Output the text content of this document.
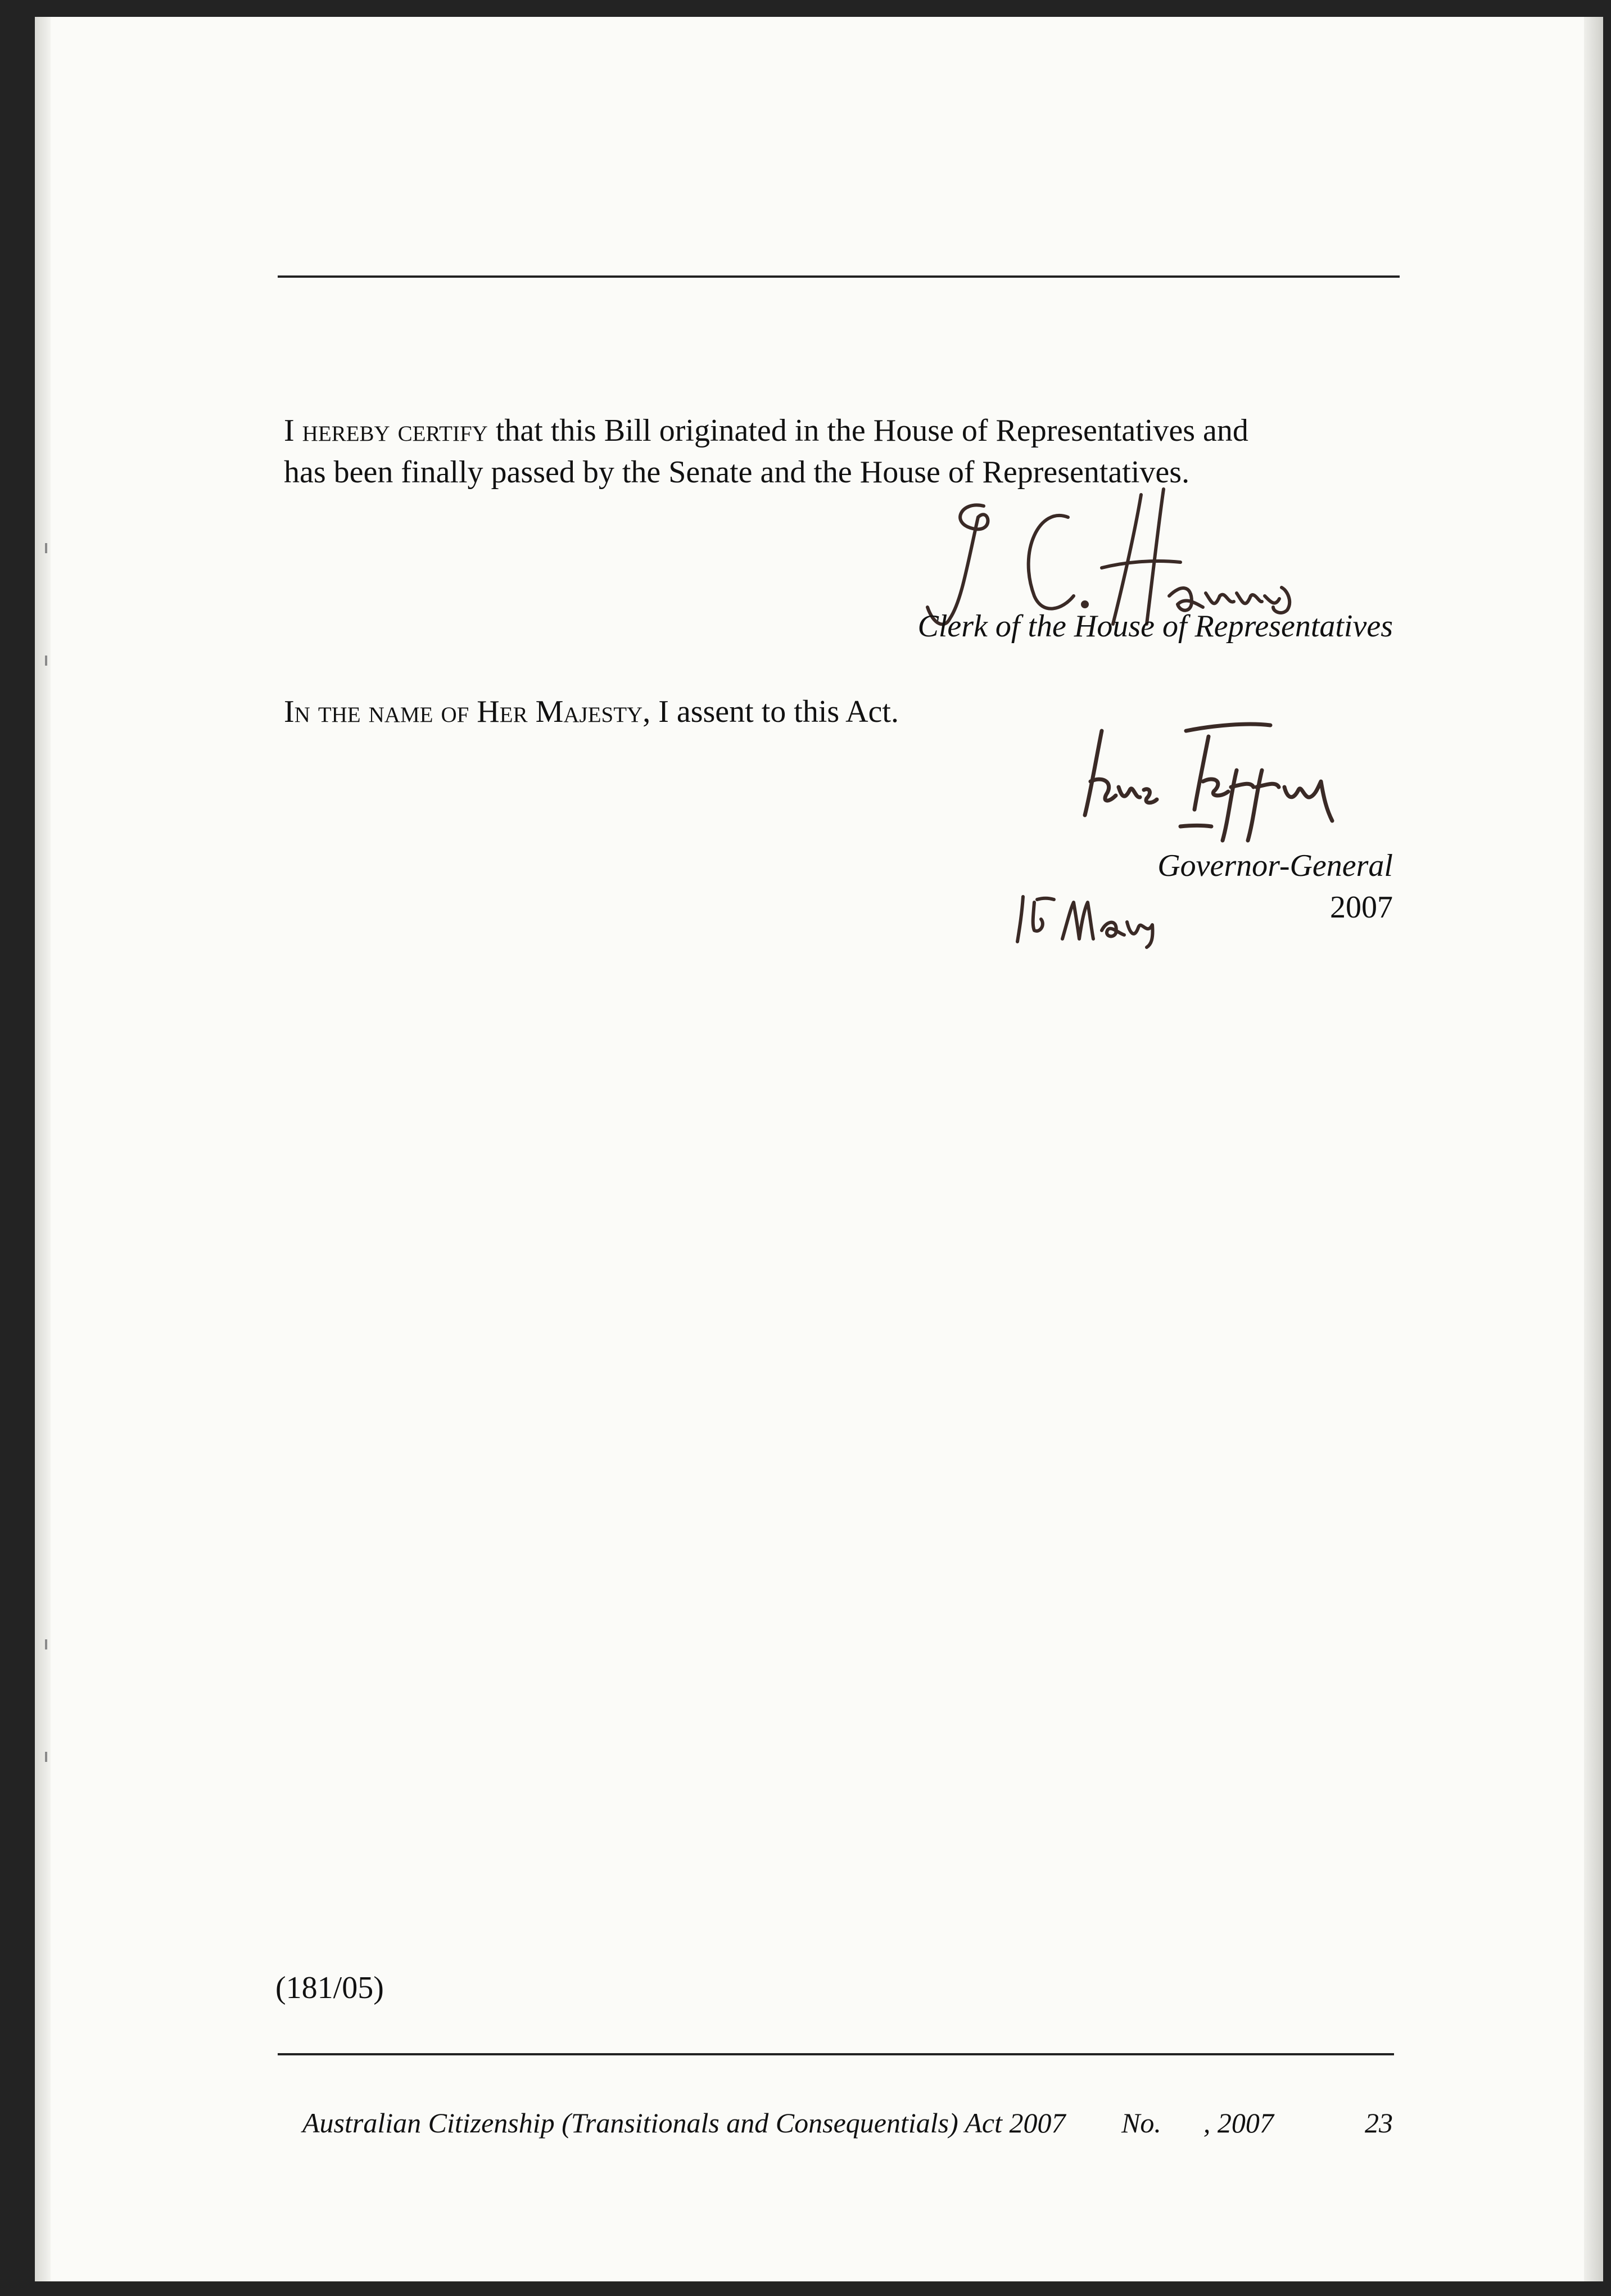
I hereby certify that this Bill originated in the House of Representatives and
has been finally passed by the Senate and the House of Representatives.
Clerk of the House of Representatives
In the name of Her Majesty, I assent to this Act.
Governor-General
2007
(181/05)
Australian Citizenship (Transitionals and Consequentials) Act 2007 No.      , 2007	23
